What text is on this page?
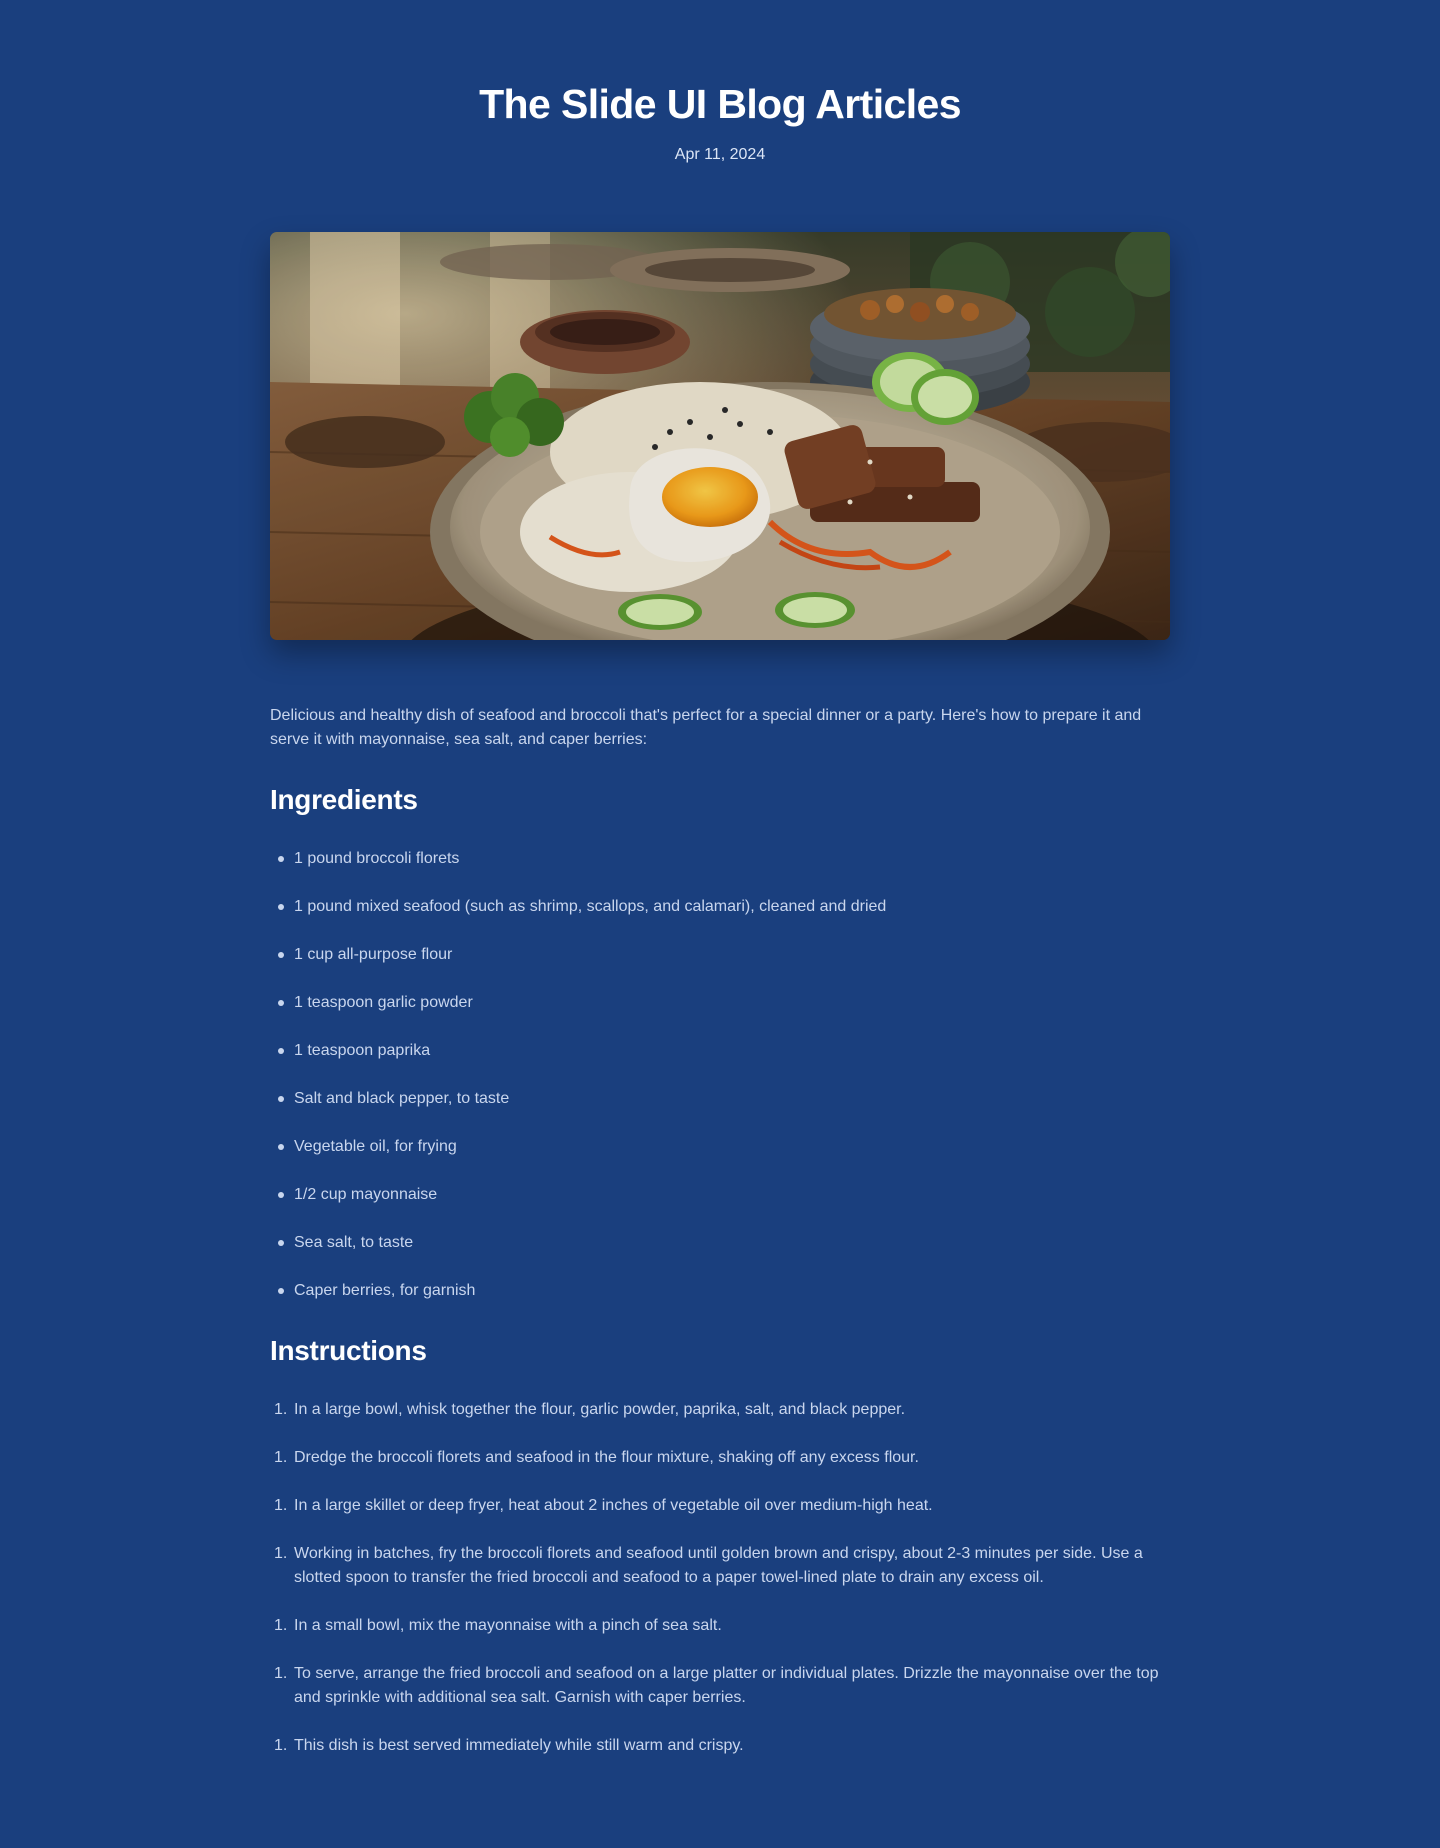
The Slide UI Blog Articles
Apr 11, 2024

Delicious and healthy dish of seafood and broccoli that's perfect for a special dinner or a party. Here's how to prepare it and serve it with mayonnaise, sea salt, and caper berries:

Ingredients
1 pound broccoli florets
1 pound mixed seafood (such as shrimp, scallops, and calamari), cleaned and dried
1 cup all-purpose flour
1 teaspoon garlic powder
1 teaspoon paprika
Salt and black pepper, to taste
Vegetable oil, for frying
1/2 cup mayonnaise
Sea salt, to taste
Caper berries, for garnish
Instructions
1. In a large bowl, whisk together the flour, garlic powder, paprika, salt, and black pepper.
1. Dredge the broccoli florets and seafood in the flour mixture, shaking off any excess flour.
1. In a large skillet or deep fryer, heat about 2 inches of vegetable oil over medium-high heat.
1. Working in batches, fry the broccoli florets and seafood until golden brown and crispy, about 2-3 minutes per side. Use a slotted spoon to transfer the fried broccoli and seafood to a paper towel-lined plate to drain any excess oil.
1. In a small bowl, mix the mayonnaise with a pinch of sea salt.
1. To serve, arrange the fried broccoli and seafood on a large platter or individual plates. Drizzle the mayonnaise over the top and sprinkle with additional sea salt. Garnish with caper berries.
1. This dish is best served immediately while still warm and crispy.
